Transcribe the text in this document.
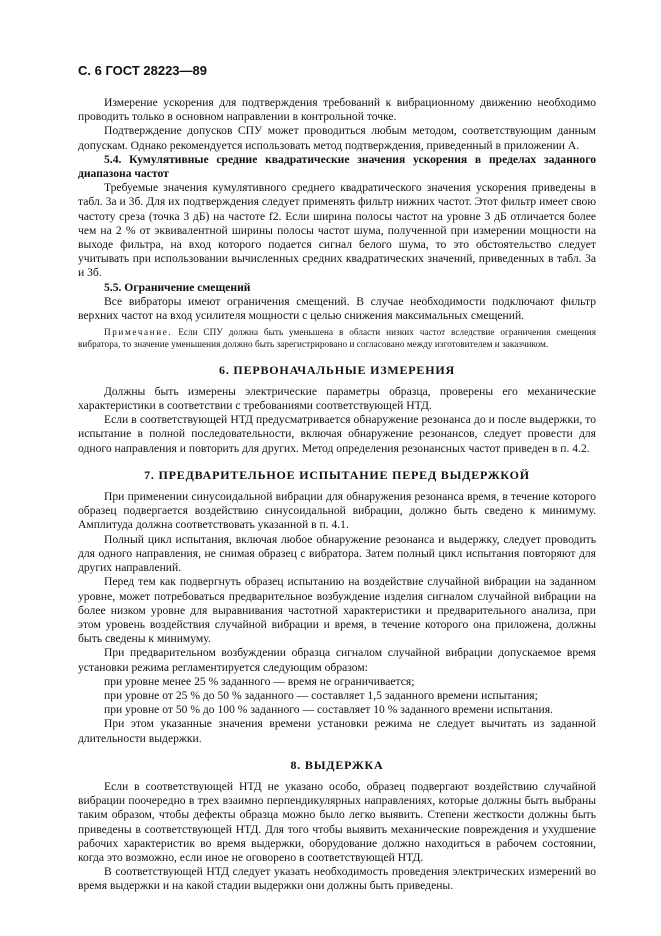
С. 6 ГОСТ 28223—89

Измерение ускорения для подтверждения требований к вибрационному движению необходимо проводить только в основном направлении в контрольной точке.

Подтверждение допусков СПУ может проводиться любым методом, соответствующим данным допускам. Однако рекомендуется использовать метод подтверждения, приведенный в приложении А.

5.4. Кумулятивные средние квадратические значения ускорения в пределах заданного диапазона частот

Требуемые значения кумулятивного среднего квадратического значения ускорения приведены в табл. 3а и 3б. Для их подтверждения следует применять фильтр нижних частот. Этот фильтр имеет свою частоту среза (точка 3 дБ) на частоте f2. Если ширина полосы частот на уровне 3 дБ отличается более чем на 2 % от эквивалентной ширины полосы частот шума, полученной при измерении мощности на выходе фильтра, на вход которого подается сигнал белого шума, то это обстоятельство следует учитывать при использовании вычисленных средних квадратических значений, приведенных в табл. 3а и 3б.

5.5. Ограничение смещений

Все вибраторы имеют ограничения смещений. В случае необходимости подключают фильтр верхних частот на вход усилителя мощности с целью снижения максимальных смещений.

Примечание. Если СПУ должна быть уменьшена в области низких частот вследствие ограничения смещения вибратора, то значение уменьшения должно быть зарегистрировано и согласовано между изготовителем и заказчиком.

6. ПЕРВОНАЧАЛЬНЫЕ ИЗМЕРЕНИЯ

Должны быть измерены электрические параметры образца, проверены его механические характеристики в соответствии с требованиями соответствующей НТД.

Если в соответствующей НТД предусматривается обнаружение резонанса до и после выдержки, то испытание в полной последовательности, включая обнаружение резонансов, следует провести для одного направления и повторить для других. Метод определения резонансных частот приведен в п. 4.2.

7. ПРЕДВАРИТЕЛЬНОЕ ИСПЫТАНИЕ ПЕРЕД ВЫДЕРЖКОЙ

При применении синусоидальной вибрации для обнаружения резонанса время, в течение которого образец подвергается воздействию синусоидальной вибрации, должно быть сведено к минимуму. Амплитуда должна соответствовать указанной в п. 4.1.

Полный цикл испытания, включая любое обнаружение резонанса и выдержку, следует проводить для одного направления, не снимая образец с вибратора. Затем полный цикл испытания повторяют для других направлений.

Перед тем как подвергнуть образец испытанию на воздействие случайной вибрации на заданном уровне, может потребоваться предварительное возбуждение изделия сигналом случайной вибрации на более низком уровне для выравнивания частотной характеристики и предварительного анализа, при этом уровень воздействия случайной вибрации и время, в течение которого она приложена, должны быть сведены к минимуму.

При предварительном возбуждении образца сигналом случайной вибрации допускаемое время установки режима регламентируется следующим образом:

при уровне менее 25 % заданного — время не ограничивается;

при уровне от 25 % до 50 % заданного — составляет 1,5 заданного времени испытания;

при уровне от 50 % до 100 % заданного — составляет 10 % заданного времени испытания.

При этом указанные значения времени установки режима не следует вычитать из заданной длительности выдержки.

8. ВЫДЕРЖКА

Если в соответствующей НТД не указано особо, образец подвергают воздействию случайной вибрации поочередно в трех взаимно перпендикулярных направлениях, которые должны быть выбраны таким образом, чтобы дефекты образца можно было легко выявить. Степени жесткости должны быть приведены в соответствующей НТД. Для того чтобы выявить механические повреждения и ухудшение рабочих характеристик во время выдержки, оборудование должно находиться в рабочем состоянии, когда это возможно, если иное не оговорено в соответствующей НТД.

В соответствующей НТД следует указать необходимость проведения электрических измерений во время выдержки и на какой стадии выдержки они должны быть приведены.
